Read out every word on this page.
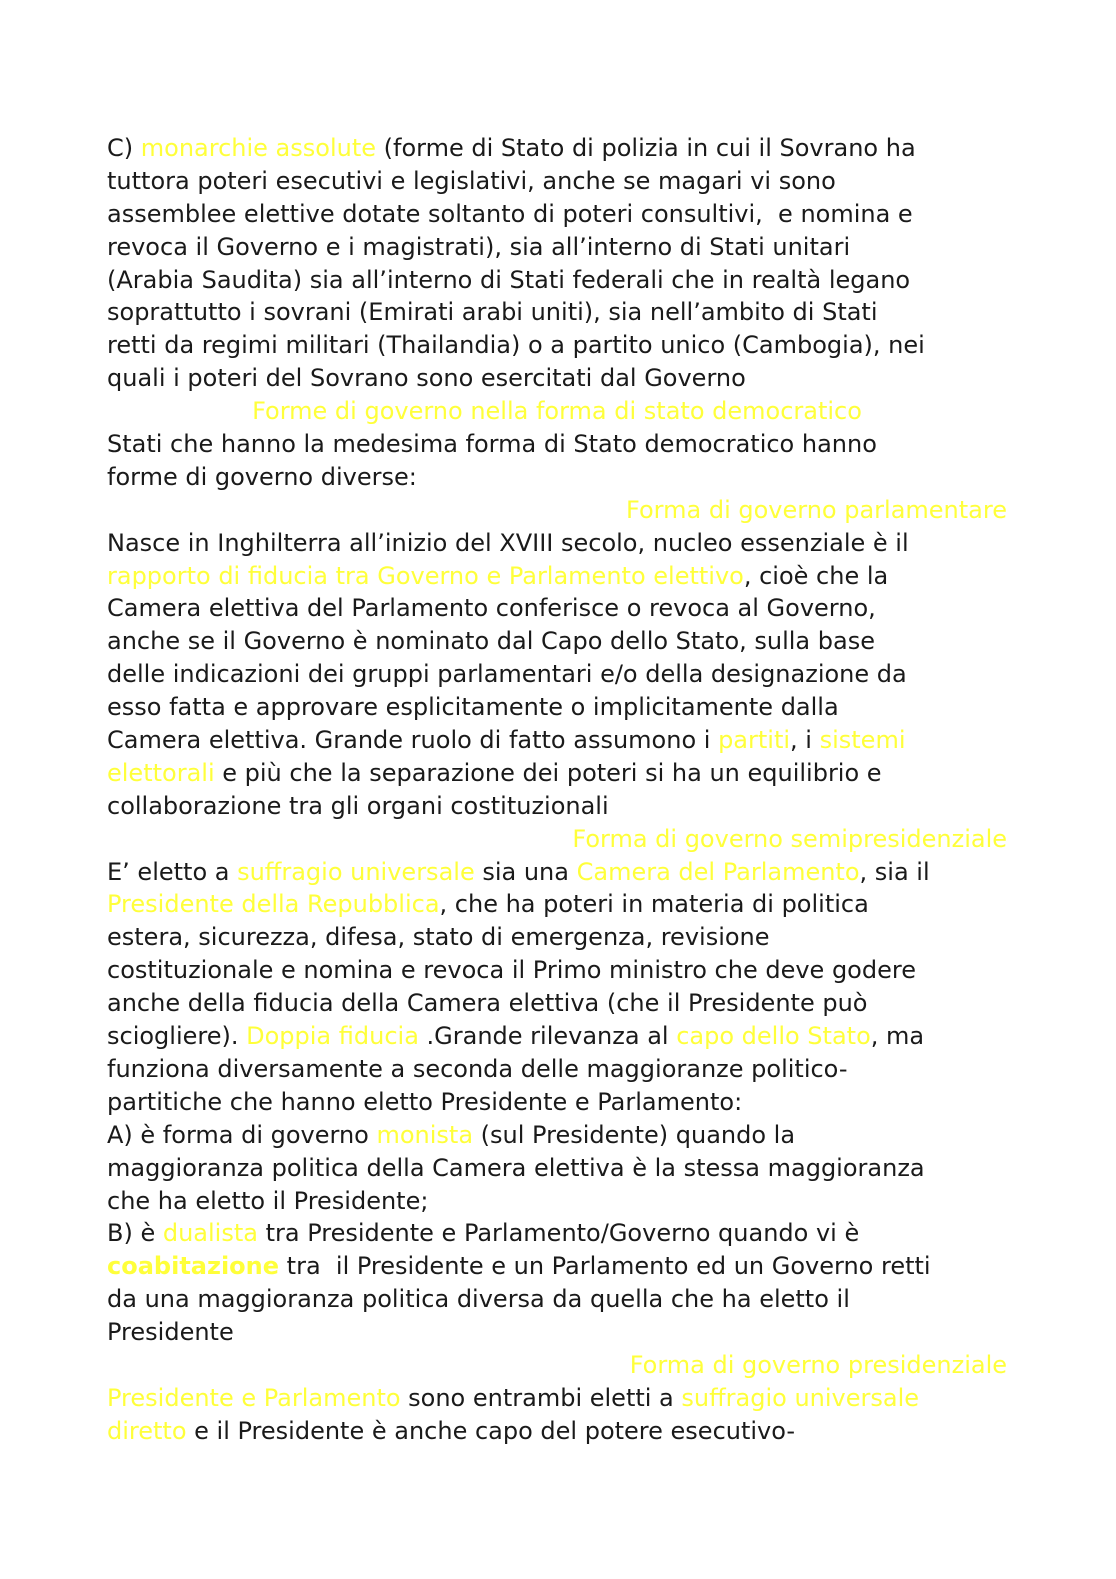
C) monarchie assolute (forme di Stato di polizia in cui il Sovrano ha
tuttora poteri esecutivi e legislativi, anche se magari vi sono
assemblee elettive dotate soltanto di poteri consultivi,  e nomina e
revoca il Governo e i magistrati), sia all’interno di Stati unitari
(Arabia Saudita) sia all’interno di Stati federali che in realtà legano
soprattutto i sovrani (Emirati arabi uniti), sia nell’ambito di Stati
retti da regimi militari (Thailandia) o a partito unico (Cambogia), nei
quali i poteri del Sovrano sono esercitati dal Governo
Forme di governo nella forma di stato democratico
Stati che hanno la medesima forma di Stato democratico hanno
forme di governo diverse:
Forma di governo parlamentare
Nasce in Inghilterra all’inizio del XVIII secolo, nucleo essenziale è il
rapporto di fiducia tra Governo e Parlamento elettivo, cioè che la
Camera elettiva del Parlamento conferisce o revoca al Governo,
anche se il Governo è nominato dal Capo dello Stato, sulla base
delle indicazioni dei gruppi parlamentari e/o della designazione da
esso fatta e approvare esplicitamente o implicitamente dalla
Camera elettiva. Grande ruolo di fatto assumono i partiti, i sistemi
elettorali e più che la separazione dei poteri si ha un equilibrio e
collaborazione tra gli organi costituzionali
Forma di governo semipresidenziale
E’ eletto a suffragio universale sia una Camera del Parlamento, sia il
Presidente della Repubblica, che ha poteri in materia di politica
estera, sicurezza, difesa, stato di emergenza, revisione
costituzionale e nomina e revoca il Primo ministro che deve godere
anche della fiducia della Camera elettiva (che il Presidente può
sciogliere). Doppia fiducia .Grande rilevanza al capo dello Stato, ma
funziona diversamente a seconda delle maggioranze politico-
partitiche che hanno eletto Presidente e Parlamento:
A) è forma di governo monista (sul Presidente) quando la
maggioranza politica della Camera elettiva è la stessa maggioranza
che ha eletto il Presidente;
B) è dualista tra Presidente e Parlamento/Governo quando vi è
coabitazione tra  il Presidente e un Parlamento ed un Governo retti
da una maggioranza politica diversa da quella che ha eletto il
Presidente
Forma di governo presidenziale
Presidente e Parlamento sono entrambi eletti a suffragio universale
diretto e il Presidente è anche capo del potere esecutivo-
